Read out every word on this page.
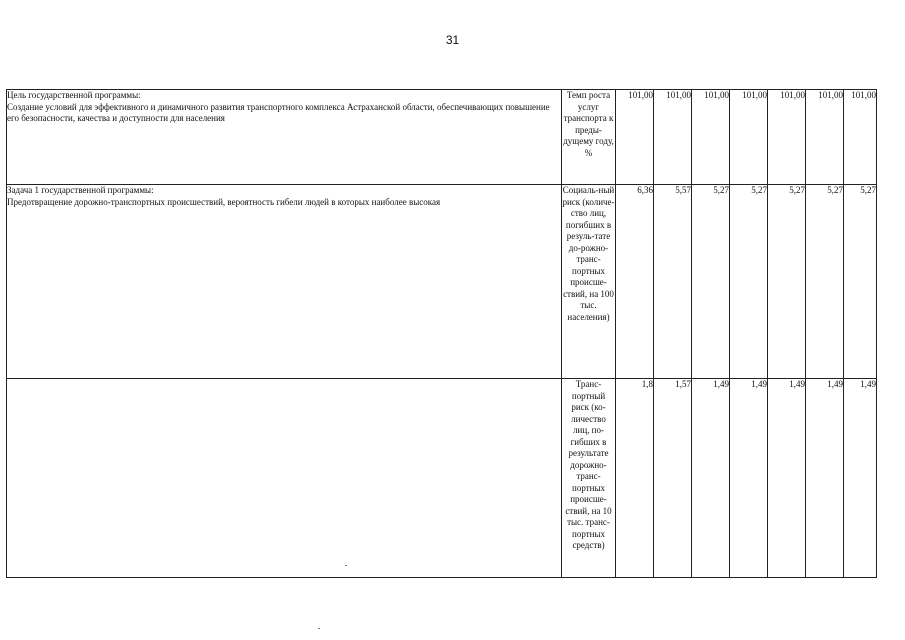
31
Цель государственной программы:
Создание условий для эффективного и динамичного развития транспортного комплекса Астраханской области, обеспечивающих повышение его безопасности, качества и доступности для населения	Темп роста услуг транспорта к преды-дущему году, %	101,00	101,00	101,00	101,00	101,00	101,00	101,00

Задача 1 государственной программы:
Предотвращение дорожно-транспортных происшествий, вероятность гибели людей в которых наиболее высокая	Социаль-ный риск (количе-ство лиц, погибших в резуль-тате до-рожно-транс-портных происше-ствий, на 100 тыс. населения)	6,36	5,57	5,27	5,27	5,27	5,27	5,27

	Транс-портный риск (ко-личество лиц, по-гибших в результате дорожно-транс-портных происше-ствий, на 10 тыс. транс-портных средств)	1,8	1,57	1,49	1,49	1,49	1,49	1,49
